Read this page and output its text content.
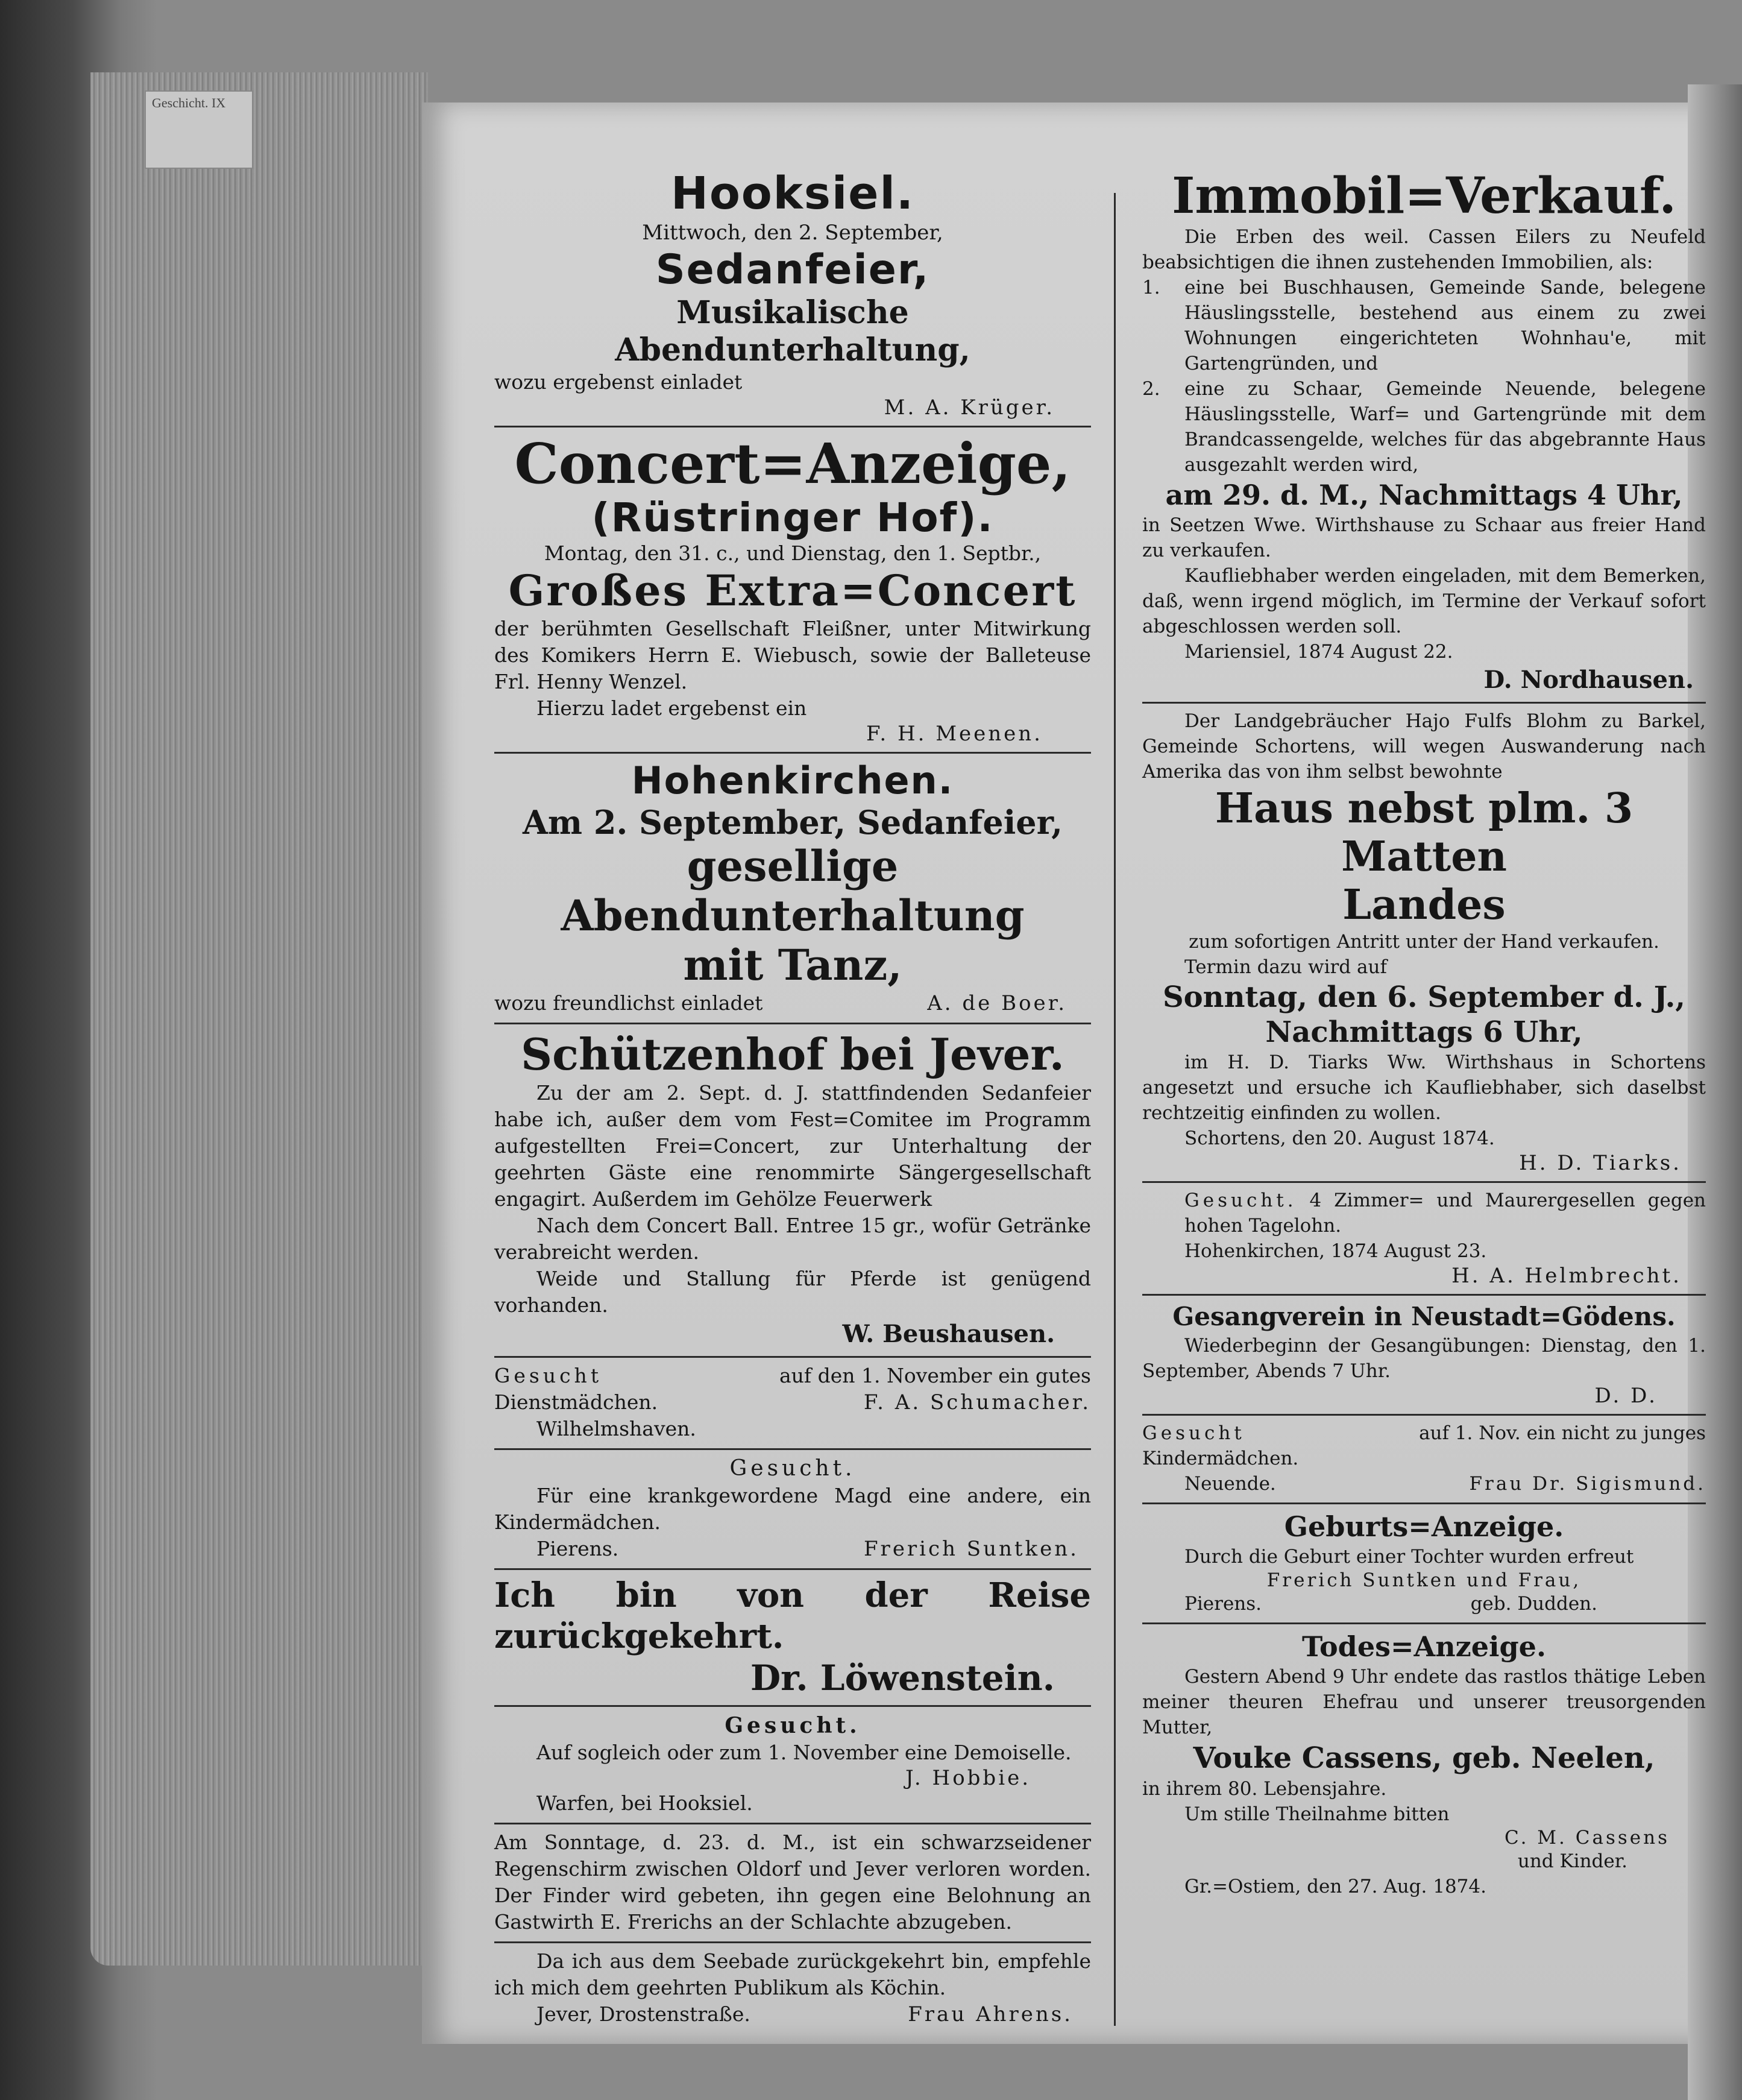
Geschicht. IX
Hooksiel.
Mittwoch, den 2. September,
Sedanfeier,
Musikalische Abendunterhaltung,
wozu ergebenst einladet
M. A. Krüger.
Concert=Anzeige,
(Rüstringer Hof).
Montag, den 31. c., und Dienstag, den 1. Septbr.,
Großes Extra=Concert
der berühmten Gesellschaft Fleißner, unter Mitwirkung des Komikers Herrn E. Wiebusch, sowie der Balleteuse Frl. Henny Wenzel.
Hierzu ladet ergebenst ein
F. H. Meenen.
Hohenkirchen.
Am 2. September, Sedanfeier,
gesellige Abendunterhaltung
mit Tanz,
wozu freundlichst einladet	A. de Boer.
Schützenhof bei Jever.
Zu der am 2. Sept. d. J. stattfindenden Sedanfeier habe ich, außer dem vom Fest=Comitee im Programm aufgestellten Frei=Concert, zur Unterhaltung der geehrten Gäste eine renommirte Sängergesellschaft engagirt. Außerdem im Gehölze Feuerwerk
Nach dem Concert Ball. Entree 15 gr., wofür Getränke verabreicht werden.
Weide und Stallung für Pferde ist genügend vorhanden.
W. Beushausen.
Gesucht	auf den 1. November ein gutes
Dienstmädchen.	F. A. Schumacher.
Wilhelmshaven.
Gesucht.
Für eine krankgewordene Magd eine andere, ein Kindermädchen.
Pierens.	Frerich Suntken.
Ich bin von der Reise zurückgekehrt.
Dr. Löwenstein.
Gesucht.
Auf sogleich oder zum 1. November eine Demoiselle.
J. Hobbie.
Warfen, bei Hooksiel.
Am Sonntage, d. 23. d. M., ist ein schwarzseidener Regenschirm zwischen Oldorf und Jever verloren worden. Der Finder wird gebeten, ihn gegen eine Belohnung an Gastwirth E. Frerichs an der Schlachte abzugeben.
Da ich aus dem Seebade zurückgekehrt bin, empfehle ich mich dem geehrten Publikum als Köchin.
Jever, Drostenstraße.	Frau Ahrens.
Immobil=Verkauf.
Die Erben des weil. Cassen Eilers zu Neufeld beabsichtigen die ihnen zustehenden Immobilien, als:
1.	eine bei Buschhausen, Gemeinde Sande, belegene Häuslingsstelle, bestehend aus einem zu zwei Wohnungen eingerichteten Wohnhau'e, mit Gartengründen, und
2.	eine zu Schaar, Gemeinde Neuende, belegene Häuslingsstelle, Warf= und Gartengründe mit dem Brandcassengelde, welches für das abgebrannte Haus ausgezahlt werden wird,
am 29. d. M., Nachmittags 4 Uhr,
in Seetzen Wwe. Wirthshause zu Schaar aus freier Hand zu verkaufen.
Kaufliebhaber werden eingeladen, mit dem Bemerken, daß, wenn irgend möglich, im Termine der Verkauf sofort abgeschlossen werden soll.
Mariensiel, 1874 August 22.
D. Nordhausen.
Der Landgebräucher Hajo Fulfs Blohm zu Barkel, Gemeinde Schortens, will wegen Auswanderung nach Amerika das von ihm selbst bewohnte
Haus nebst plm. 3 Matten
Landes
zum sofortigen Antritt unter der Hand verkaufen.
Termin dazu wird auf
Sonntag, den 6. September d. J.,
Nachmittags 6 Uhr,
im H. D. Tiarks Ww. Wirthshaus in Schortens angesetzt und ersuche ich Kaufliebhaber, sich daselbst rechtzeitig einfinden zu wollen.
Schortens, den 20. August 1874.
H. D. Tiarks.
Gesucht. 4 Zimmer= und Maurergesellen gegen hohen Tagelohn.
Hohenkirchen, 1874 August 23.
H. A. Helmbrecht.
Gesangverein in Neustadt=Gödens.
Wiederbeginn der Gesangübungen: Dienstag, den 1. September, Abends 7 Uhr.
D. D.
Gesucht	auf 1. Nov. ein nicht zu junges
Kindermädchen.
Neuende.	Frau Dr. Sigismund.
Geburts=Anzeige.
Durch die Geburt einer Tochter wurden erfreut
Frerich Suntken und Frau,
Pierens.	geb. Dudden.
Todes=Anzeige.
Gestern Abend 9 Uhr endete das rastlos thätige Leben meiner theuren Ehefrau und unserer treusorgenden Mutter,
Vouke Cassens, geb. Neelen,
in ihrem 80. Lebensjahre.
Um stille Theilnahme bitten
C. M. Cassens
und Kinder.
Gr.=Ostiem, den 27. Aug. 1874.
